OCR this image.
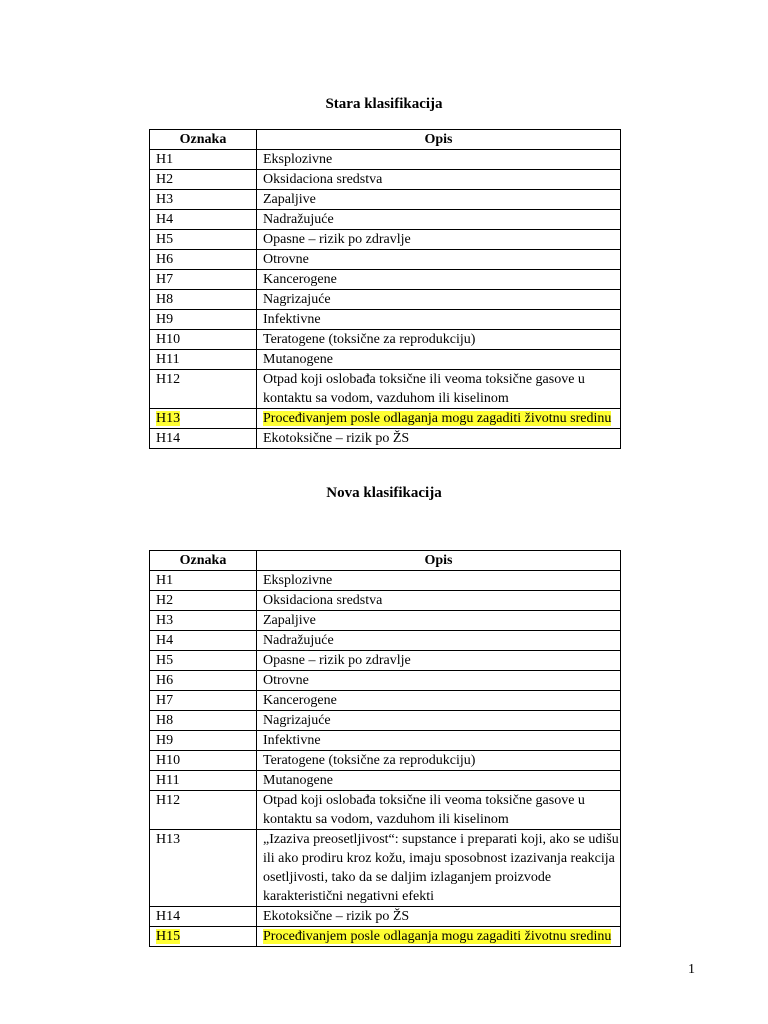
Stara klasifikacija
Oznaka	Opis
H1	Eksplozivne
H2	Oksidaciona sredstva
H3	Zapaljive
H4	Nadražujuće
H5	Opasne – rizik po zdravlje
H6	Otrovne
H7	Kancerogene
H8	Nagrizajuće
H9	Infektivne
H10	Teratogene (toksične za reprodukciju)
H11	Mutanogene
H12	Otpad koji oslobađa toksične ili veoma toksične gasove u kontaktu sa vodom, vazduhom ili kiselinom
H13	Procеđivanjem posle odlaganja mogu zagaditi životnu sredinu
H14	Ekotoksične – rizik po ŽS
Nova klasifikacija
Oznaka	Opis
H1	Eksplozivne
H2	Oksidaciona sredstva
H3	Zapaljive
H4	Nadražujuće
H5	Opasne – rizik po zdravlje
H6	Otrovne
H7	Kancerogene
H8	Nagrizajuće
H9	Infektivne
H10	Teratogene (toksične za reprodukciju)
H11	Mutanogene
H12	Otpad koji oslobađa toksične ili veoma toksične gasove u kontaktu sa vodom, vazduhom ili kiselinom
H13	„Izaziva preosetljivost“: supstance i preparati koji, ako se udišu ili ako prodiru kroz kožu, imaju sposobnost izazivanja reakcija osetljivosti, tako da se daljim izlaganjem proizvode karakteristični negativni efekti
H14	Ekotoksične – rizik po ŽS
H15	Procеđivanjem posle odlaganja mogu zagaditi životnu sredinu
1
